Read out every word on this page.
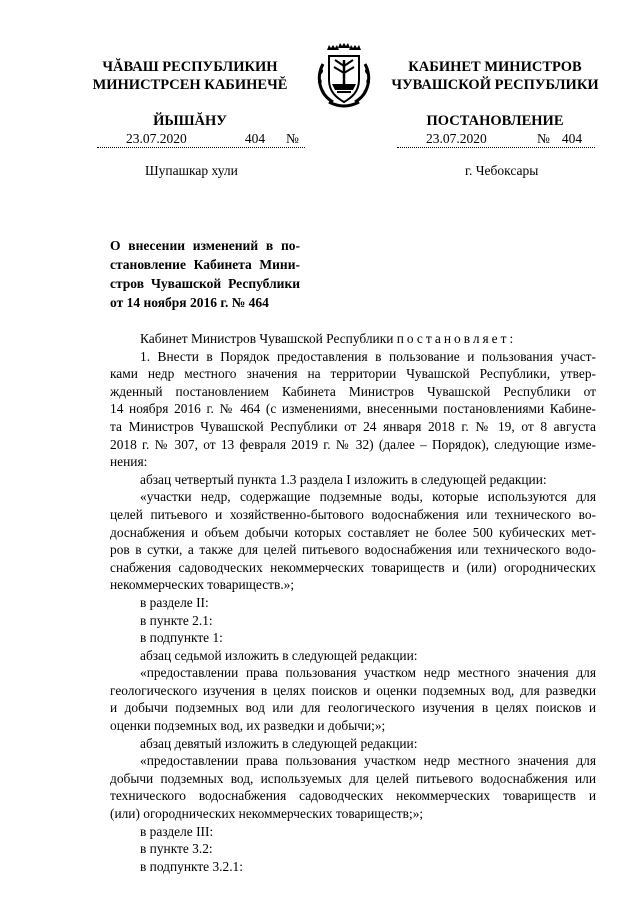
ЧĂВАШ РЕСПУБЛИКИН
МИНИСТРСЕН КАБИНЕЧĔ
ЙЫШĂНУ
КАБИНЕТ МИНИСТРОВ
ЧУВАШСКОЙ РЕСПУБЛИКИ
ПОСТАНОВЛЕНИЕ
23.07.2020	404	№	23.07.2020	№ 404
Шупашкар хули	г. Чебоксары
О внесении изменений в по-
становление Кабинета Мини-
стров Чувашской Республики
от 14 ноября 2016 г. № 464

Кабинет Министров Чувашской Республики постановляет:

1. Внести в Порядок предоставления в пользование и пользования участ-

ками недр местного значения на территории Чувашской Республики, утвер-

жденный постановлением Кабинета Министров Чувашской Республики от

14 ноября 2016 г. № 464 (с изменениями, внесенными постановлениями Кабине-

та Министров Чувашской Республики от 24 января 2018 г. № 19, от 8 августа

2018 г. № 307, от 13 февраля 2019 г. № 32) (далее – Порядок), следующие изме-

нения:

абзац четвертый пункта 1.3 раздела I изложить в следующей редакции:

«участки недр, содержащие подземные воды, которые используются для

целей питьевого и хозяйственно-бытового водоснабжения или технического во-

доснабжения и объем добычи которых составляет не более 500 кубических мет-

ров в сутки, а также для целей питьевого водоснабжения или технического водо-

снабжения садоводческих некоммерческих товариществ и (или) огороднических

некоммерческих товариществ.»;

в разделе II:

в пункте 2.1:

в подпункте 1:

абзац седьмой изложить в следующей редакции:

«предоставлении права пользования участком недр местного значения для

геологического изучения в целях поисков и оценки подземных вод, для разведки

и добычи подземных вод или для геологического изучения в целях поисков и

оценки подземных вод, их разведки и добычи;»;

абзац девятый изложить в следующей редакции:

«предоставлении права пользования участком недр местного значения для

добычи подземных вод, используемых для целей питьевого водоснабжения или

технического водоснабжения садоводческих некоммерческих товариществ и

(или) огороднических некоммерческих товариществ;»;

в разделе III:

в пункте 3.2:

в подпункте 3.2.1:
